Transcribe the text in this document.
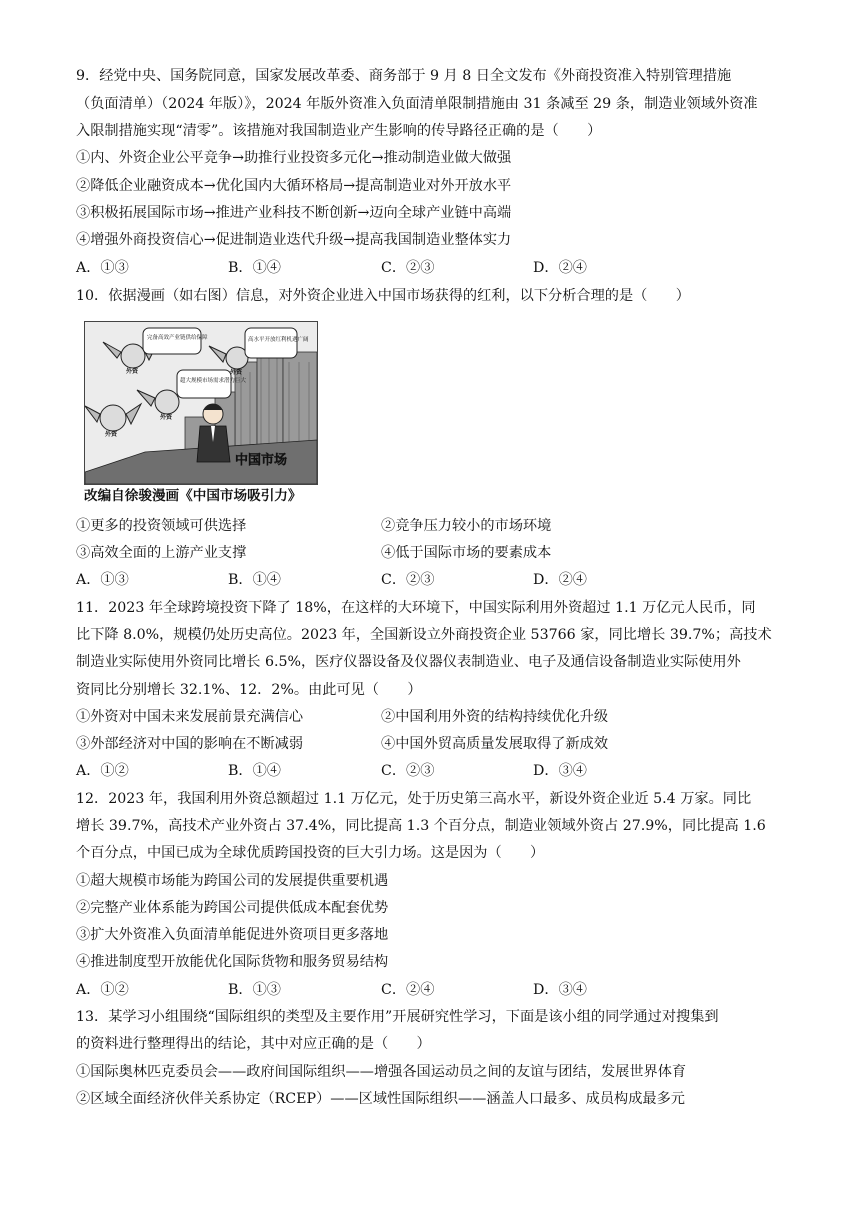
9．经党中央、国务院同意，国家发展改革委、商务部于 9 月 8 日全文发布《外商投资准入特别管理措施
（负面清单）（2024 年版）》，2024 年版外资准入负面清单限制措施由 31 条减至 29 条，制造业领域外资准
入限制措施实现“清零”。该措施对我国制造业产生影响的传导路径正确的是（　　）
①内、外资企业公平竞争→助推行业投资多元化→推动制造业做大做强
②降低企业融资成本→优化国内大循环格局→提高制造业对外开放水平
③积极拓展国际市场→推进产业科技不断创新→迈向全球产业链中高端
④增强外商投资信心→促进制造业迭代升级→提高我国制造业整体实力
A．①③	B．①④	C．②③	D．②④
10．依据漫画（如右图）信息，对外资企业进入中国市场获得的红利，以下分析合理的是（　　）
完备高效产业链供给保障	高水平开放红利机遇广阔
超大规模市场需求潜力巨大
外资	外资
外资
外资
中国市场
改编自徐骏漫画《中国市场吸引力》
①更多的投资领域可供选择	②竞争压力较小的市场环境
③高效全面的上游产业支撑	④低于国际市场的要素成本
A．①③	B．①④	C．②③	D．②④
11．2023 年全球跨境投资下降了 18%，在这样的大环境下，中国实际利用外资超过 1.1 万亿元人民币，同
比下降 8.0%，规模仍处历史高位。2023 年，全国新设立外商投资企业 53766 家，同比增长 39.7%；高技术
制造业实际使用外资同比增长 6.5%，医疗仪器设备及仪器仪表制造业、电子及通信设备制造业实际使用外
资同比分别增长 32.1%、12．2%。由此可见（　　）
①外资对中国未来发展前景充满信心	②中国利用外资的结构持续优化升级
③外部经济对中国的影响在不断减弱	④中国外贸高质量发展取得了新成效
A．①②	B．①④	C．②③	D．③④
12．2023 年，我国利用外资总额超过 1.1 万亿元，处于历史第三高水平，新设外资企业近 5.4 万家。同比
增长 39.7%，高技术产业外资占 37.4%，同比提高 1.3 个百分点，制造业领域外资占 27.9%，同比提高 1.6
个百分点，中国已成为全球优质跨国投资的巨大引力场。这是因为（　　）
①超大规模市场能为跨国公司的发展提供重要机遇
②完整产业体系能为跨国公司提供低成本配套优势
③扩大外资准入负面清单能促进外资项目更多落地
④推进制度型开放能优化国际货物和服务贸易结构
A．①②	B．①③	C．②④	D．③④
13．某学习小组围绕“国际组织的类型及主要作用”开展研究性学习，下面是该小组的同学通过对搜集到
的资料进行整理得出的结论，其中对应正确的是（　　）
①国际奥林匹克委员会——政府间国际组织——增强各国运动员之间的友谊与团结，发展世界体育
②区域全面经济伙伴关系协定（RCEP）——区域性国际组织——涵盖人口最多、成员构成最多元
